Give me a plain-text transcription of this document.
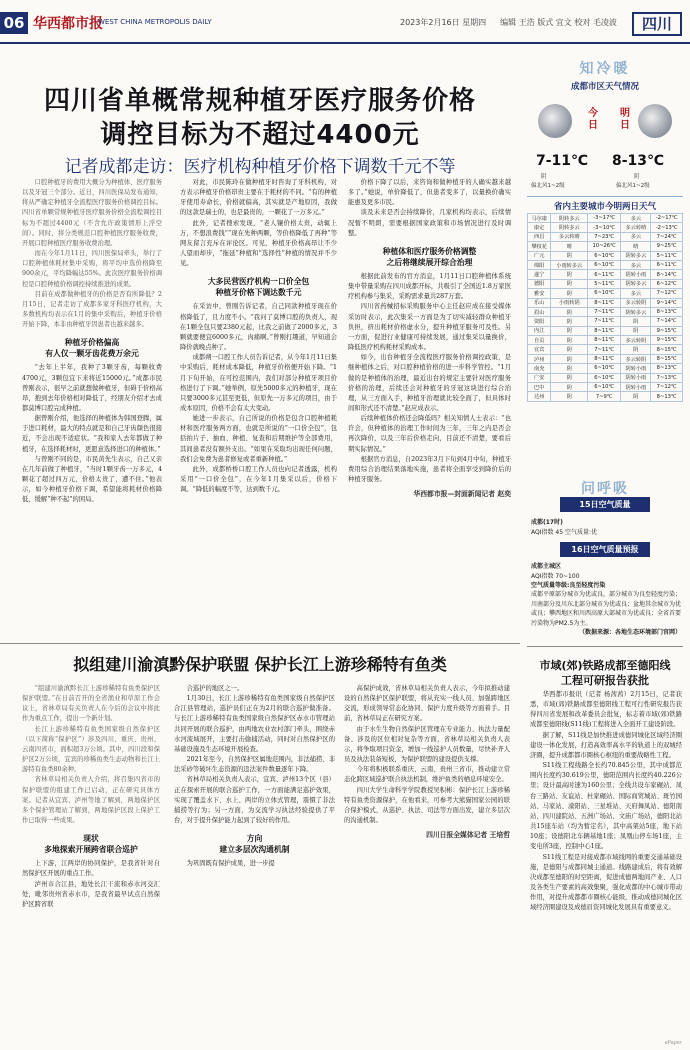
06 华西都市报
WEST CHINA METROPOLIS DAILY	2023年2月16日 星期四 编辑 王浩 版式 宜文 校对 毛凌波	四川
四川省单概常规种植牙医疗服务价格
调控目标为不超过4400元
记者成都走访：医疗机构种植牙价格下调数千元不等

口腔种植牙的费用大概分为种植体、医疗服务以及牙冠三个部分。近日，四川医保局发布通知，将从严确定种植牙全流程医疗服务价格调控目标。四川省单颗常规种植牙医疗服务价格全流程调控目标为不超过4400元（不含允许政策情形上浮空间）。同时，将分类规范口腔种植医疗服务收费，开展口腔种植医疗服务收费治理。

而在今年1月11日，四川医保局牵头，举行了口腔种植体耗材集中采购，将平均中选价格降至900余元，平均降幅达55%。此次医疗服务价格调控是口腔种植价格调控持续推进的成果。

目前在成都做种植牙的价格是否有所降低？2月15日，记者走访了成都多家牙科医疗机构，大多数机构均表示在1月的集中采购后，种植牙价格开始下降，本非由种植牙因患者也越来越多。

种植牙价格偏高
有人仅一颗牙齿花费万余元

“去年上半年，我种了3颗牙齿，每颗收费4700元，3颗包宜下来将近15000元。”成都市民曾刚表示，很早之前就想做种植牙，但碍于价格高昂，抱到去年价格相对降低了，经朋友介绍才去成都莫博口腔完成种植。

据曾刚介绍，他选择的种植体为韩国登腾，属于进口耗材，最大的特点就是和自己牙齿颜色很接近，不会出现不适症状。“我和家人去年都做了种植牙，在选择耗材时，更愿意选择进口的种植体。”

与曾刚不同的是，市民黄先生表示，自己又亲在几年前做了种植牙，“当时1颗牙齿一万多元，4颗花了超过四万元，价格太贵了，遭不住。”他表示，如今种植牙价格下调，希望能将耗材价格降低，缓解“种不起”的困局。

对此，市民陈玲在做种植牙时咨询了牙科机构，对方表示种植牙价格昂贵主要在于耗材的不同。“有的种植牙使用寿命长，价格就偏高，其实就是产地原因，我做的这款是瑞士的，也是最贵的，一颗花了一万多元。”

此外，记者搜索发现，“老人镶价格太贵，动辄上万，不想浪费钱”“现在先种两颗，等价格降低了再种”等网友留言充斥在评论区。可见，种植牙价格高昂让不少人望而却步，“拖延”种植和“选择性”种植的情况并不少见。

大多民营医疗机构一口价全包
种植牙价格下调达数千元

在采访中，曾刚告诉记者，自己同款种植牙现在价格降低了，且力度不小。“我问了莫博口腔的负责人，现在1颗全包只要2380元起，比我之前做了2000多元，3颗就要便宜6000多元，肉痛啊。”曾刚打趣道，早知道会降价就晚点种了。

成都朔一口腔工作人员告诉记者，从今年1月11日集中采购后，耗材成本降低，种植牙价格便开始下降。“1月下旬开始，在可控范围内，我们对部分种植牙项目价格进行了下调。”她举例，原先5000多元的种植牙，现在只要3000多元甚至更低，但原先一万多元的项目，由于成本原因，价格不会有太大变动。

她进一步表示，自己所说的价格是包含口腔种植耗材和医疗服务两方面，也就是所说的“一口价全包”，包括拍片子、抽血、种植、复查和后期维护等全部费用，其间患者没有额外支出。“如果在采取均出现任何问题，我们会免费为患者修复或者重新种植。”

此外，成都桥桥口腔工作人员也向记者透露，机构采用“一口价全包”，在今年1月集采以后，价格下调。“降低的幅度不等，达到数千元。

价格下降了以后，来咨询和做种植牙的人确实越来越多了。”她说，单价降低了，但患者变多了，以量换价确实能惠及更多市民。

谈及未来是否会持续降价，几家机构均表示，后续情况暂不明朗，需要根据国家政策和市场情况进行及时调整。

种植体和医疗服务价格调整
之后将继续展开综合治理

根据此前发布的官方消息，1月11日口腔种植体系统集中带量采购在四川成都开标，共吸引了全国近1.8万家医疗机构参与集采，采购需求量共287万套。

四川省药械招标采购服务中心主任赵应成在接受媒体采访时表示，此次集采一方面是为了切实减轻群众种植牙负担，挤出耗材价格虚水分，提升种植牙服务可及性。另一方面，促进行业健康可持续发展，通过集采以量换价，降低医疗机构耗材采购成本。

如今，出台种植牙全流程医疗服务价格调控政策，是继种植体之后，对口腔种植价格的进一步科学管控。“1月做的是种植体的治理，最近出台的规定主要针对医疗服务价格的治理，后续还会对种植牙的牙冠这块进行综合治理，从三方面入手，种植牙治理就比较全面了，但具体时间和形式还不清楚。”赵应成表示。

后续种植体价格还会降低吗？相关知情人士表示：“也许会，但种植体的治理工作时间为三年，三年之内是否会再次降价，以及三年后价格走向，目前还不清楚，要看后期实际情况。”

根据官方消息，自2023年3月下旬到4月中旬，种植牙费用综合治理结果落地实施，患者将全面享受到降价后的种植牙服务。

华西都市报—封面新闻记者 赵奕
拟组建川渝滇黔保护联盟 保护长江上游珍稀特有鱼类

“组建川渝滇黔长江上游珍稀特有鱼类保护区保护联盟。”在日前召开的全省渔业和草原工作会议上，省林草局有关负责人在今后的会议中将此作为重点工作，提出一个新计划。

长江上游珍稀特有鱼类国家级自然保护区（以下简称“保护区”）涉及四川、重庆、贵州、云南四省市，面积超3万公顷。其中，四川段和保护区2万公顷，宜宾的珍稀鱼类生态动物和长江上游特有鱼类80余种。

省林草局相关负责人介绍，将召集四省市的保护联盟的组建工作已启动，正在研究具体方案。记者从宜宾、泸州等地了解到，两地保护区多个保护管理站了解到，两地保护区段上保护工作已取得一些成果。

现状
多地探索开展跨省联合巡护

上下游，江两岸的协同保护，是我省针对自然保护区开展的重点工作。

泸州市合江县，地处长江干流和赤水河交汇处，毗邻贵州省赤水市，是我省最早试点自然保护区跨省联

合巡护的地区之一。

1月30日，长江上游珍稀特有鱼类国家级自然保护区合江县管理站，巡护员们正在为2月的联合巡护做准备。与长江上游珍稀特有鱼类国家级自然保护区赤水市管理站共同开展的联合巡护，由两地农业农村部门牵头，围绕赤水河流域展开，主要打击偷捕活动，同时对自然保护区的基础设施及生态环境开展检查。

2021年至今，自然保护区属地范围内，非法捕捞、非法采砂等破坏生态资源的违法案件数量逐年下降。

省林草局相关负责人表示，宜宾、泸州13个区（县）正在探索开展的联合巡护工作，一方面能满足巡护效果，实现了覆盖水下、水上、两岸的立体式管理，震慑了非法捕捞等行为；另一方面，为交流学习执法经验提供了平台，对于提升保护能力起到了较好的作用。

方向
建立多层次沟通机制

为巩固既有保护成果，进一步提

高保护成效，省林草局相关负责人表示，今年拟推动建设的自然保护区保护联盟，将从充实一线人员、加强跨地区交流，形成领导常态化协同、保护力度升级等方面着手。目前，省林草局正在研究方案。

由于水生生物自然保护区管理在专业能力、执法力量配备、涉及的区位相对复杂等方面，省林草局相关负责人表示，将争取项目资金，增加一线巡护人员数量，尽快补齐人员及执法装备短板，为保护联盟的建设提供支撑。

今年将积极联系重庆、云南、贵州三省市，推动建立常态化跨区域巡护联合执法机制，维护鱼类的栖息环境安全。

四川大学生命科学学院教授吴积彬：保护长江上游珍稀特有鱼类资源保护，在他看来，可参考大熊猫国家公园的联合保护模式，从巡护、执法、司法等方面出发，建立多层次的沟通机制。

四川日报全媒体记者 王培哲
知冷暖
成都市区天气情况
今日
7-11℃
阴
偏北风1~2级
明日
8-13℃
阴
偏北风1~2级
省内主要城市今明两日天气
马尔康	阴转多云	-3~17℃	多云	-2~17℃
康定	阴转多云	-3~10℃	多云转晴	-2~13℃
西昌	多云转晴	7~23℃	多云	7~24℃
攀枝花	晴	10~26℃	晴	9~25℃
广元	阴	6~10℃	阴转多云	5~11℃
绵阳	小雨转多云	6~10℃	多云	6~11℃
遂宁	阴	6~11℃	阴转小雨	8~14℃
德阳	阴	5~11℃	阴转多云	6~12℃
雅安	阴	6~10℃	多云	7~12℃
乐山	小雨转阴	8~11℃	多云转阴	9~14℃
眉山	阴	7~11℃	阴转多云	8~13℃
资阳	阴	7~11℃	阴	7~14℃
内江	阴	8~11℃	阴	9~15℃
自贡	阴	8~11℃	多云转阴	9~15℃
宜宾	阴	7~11℃	阴	8~15℃
泸州	阴	8~11℃	多云转阴	8~15℃
南充	阴	6~10℃	阴转小雨	8~13℃
广安	阴	6~10℃	阴转小雨	7~13℃
巴中	阴	6~10℃	阴转小雨	7~12℃
达州	阴	7~9℃	阴	8~13℃
问呼吸
15日空气质量
成都(17时)
AQI指数 45 空气质量:优
16日空气质量预报
成都主城区
AQI指数 70~100
空气质量等级:良至轻度污染
成都平原部分城市为优或良，部分城市为良至轻度污染；川南部分及川东北部分城市为优或良；盆地其余城市为优或良；攀西地区和川西高原大部城市为优或良；全省首要污染物为PM2.5为主。
（数据来源：各地生态环境部门官网）
市域(郊)铁路成都至德阳线
工程可研报告获批

华西都市报讯（记者 杨茜茜）2月15日，记者获悉，市域(郊)铁路成都至德阳线工程可行性研究报告获得四川省发展和改革委员会批复，标志着市域(郊)铁路成都至德阳线(S11线)工程将进入全面开工建设阶段。

据了解，S11线是加快推进成德同城化区域经济圈建设一体化发展，打造高效率高水平的轨道上的双城经济圈，提升成都都市圈核心枢纽的重要战略性工程。

S11线工程线路全长约70.845公里，其中成都范围内长度约30.619公里，德阳范围内长度约40.226公里；设计最高时速为160公里；全线共设车家碾站、凤台三路站、友谊站、杜家碾站、国际商贸城站、斑竹园站、马家站、濛阳站、三星堆站、天府舞凤站、德阳南站、四川建院站、五洲广场站、文庙广场站，德阳北站共15座车站（均为暂定名），其中高架站5座，地下站10座；设德阳北车辆基地1座；凤凰山停车场1座，主变电所3座，控制中心1座。

S11线工程是对接成都市域线网的重要交通基础设施，是德阳与成都同城主通道。线路建成后，将有效解决成都至德阳的时空距离，促进成德两地间产业、人口及各类生产要素的高效集聚，强化成都的中心城市带动作用，对提升成都都市圈核心能级，推动成德同城化区域经济圈建设及成德眉资同城化发展具有重要意义。

ePaper
